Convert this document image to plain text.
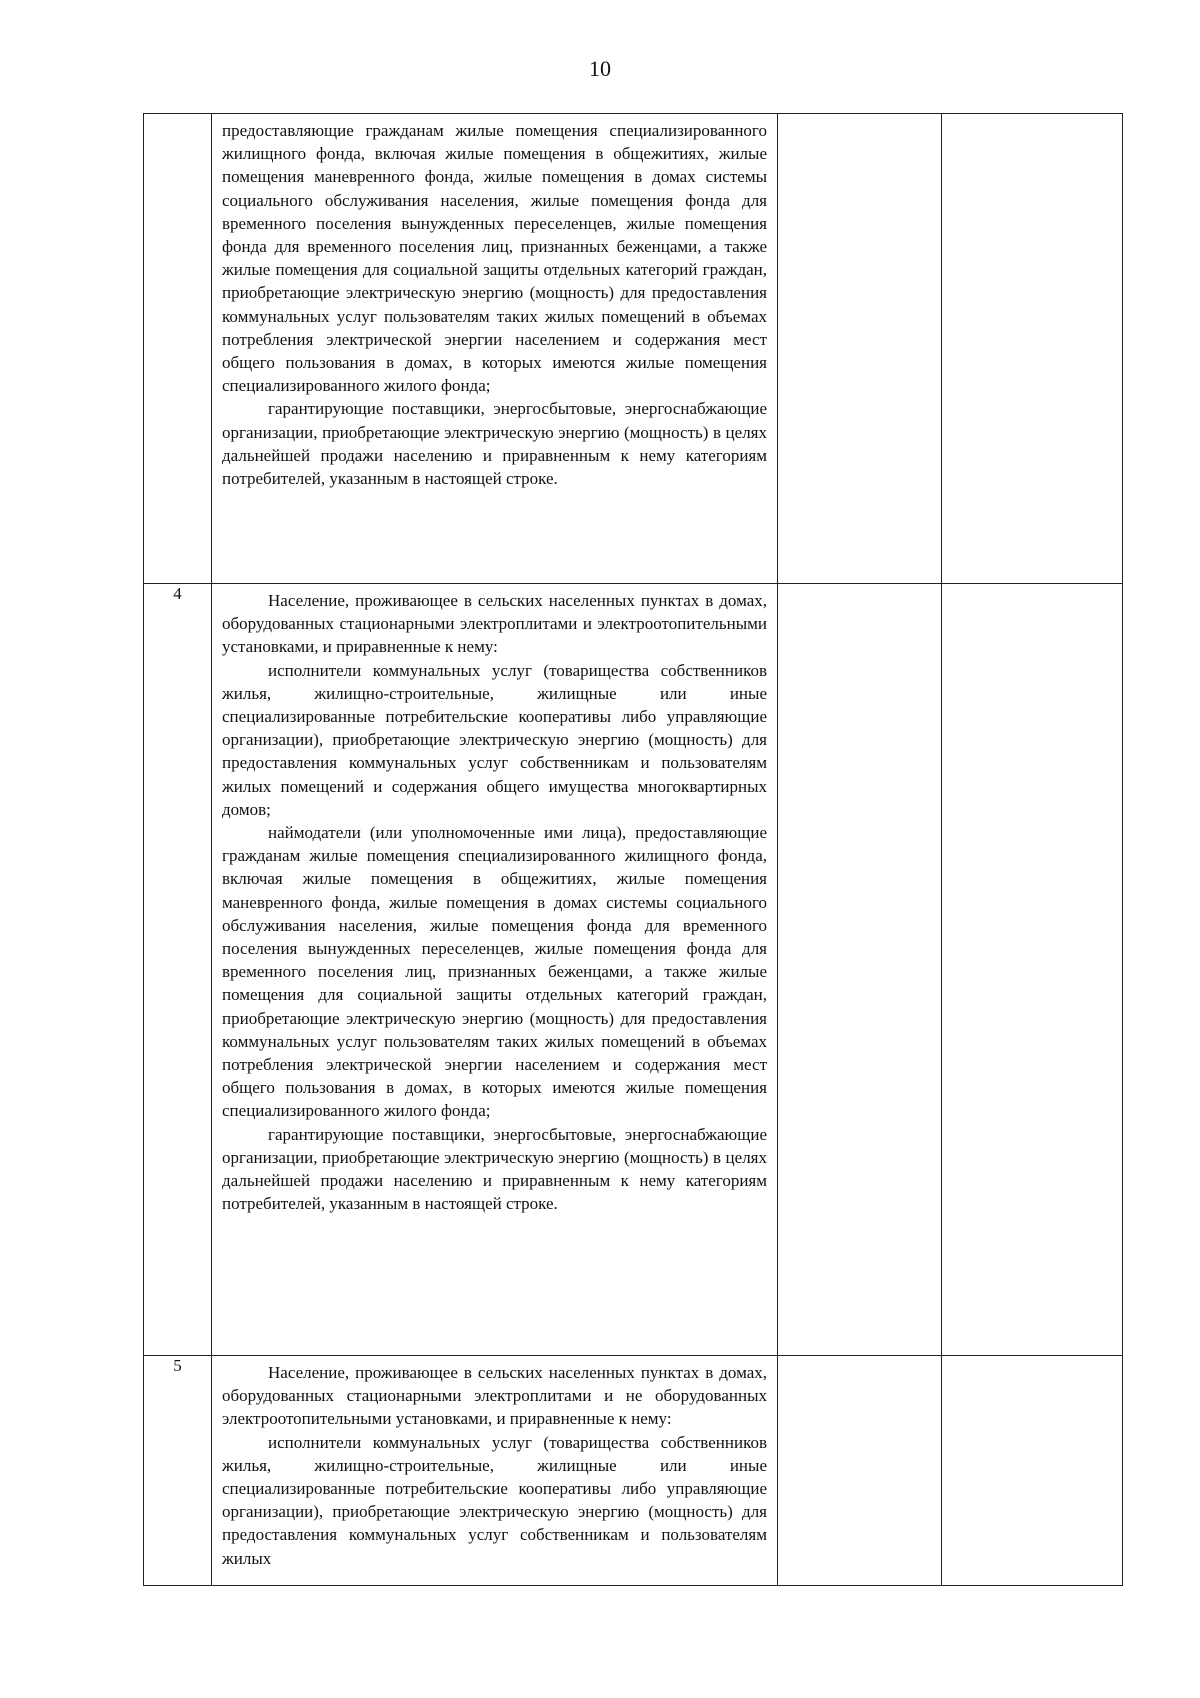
10

	предоставляющие гражданам жилые помещения специализированного жилищного фонда, включая жилые помещения в общежитиях, жилые помещения маневренного фонда, жилые помещения в домах системы социального обслуживания населения, жилые помещения фонда для временного поселения вынужденных переселенцев, жилые помещения фонда для временного поселения лиц, признанных беженцами, а также жилые помещения для социальной защиты отдельных категорий граждан, приобретающие электрическую энергию (мощность) для предоставления коммунальных услуг пользователям таких жилых помещений в объемах потребления электрической энергии населением и содержания мест общего пользования в домах, в которых имеются жилые помещения специализированного жилого фонда;

гарантирующие поставщики, энергосбытовые, энергоснабжающие организации, приобретающие электрическую энергию (мощность) в целях дальнейшей продажи населению и приравненным к нему категориям потребителей, указанным в настоящей строке.		

4	Население, проживающее в сельских населенных пунктах в домах, оборудованных стационарными электроплитами и электроотопительными установками, и приравненные к нему:

исполнители коммунальных услуг (товарищества собственников жилья, жилищно-строительные, жилищные или иные специализированные потребительские кооперативы либо управляющие организации), приобретающие электрическую энергию (мощность) для предоставления коммунальных услуг собственникам и пользователям жилых помещений и содержания общего имущества многоквартирных домов;

наймодатели (или уполномоченные ими лица), предоставляющие гражданам жилые помещения специализированного жилищного фонда, включая жилые помещения в общежитиях, жилые помещения маневренного фонда, жилые помещения в домах системы социального обслуживания населения, жилые помещения фонда для временного поселения вынужденных переселенцев, жилые помещения фонда для временного поселения лиц, признанных беженцами, а также жилые помещения для социальной защиты отдельных категорий граждан, приобретающие электрическую энергию (мощность) для предоставления коммунальных услуг пользователям таких жилых помещений в объемах потребления электрической энергии населением и содержания мест общего пользования в домах, в которых имеются жилые помещения специализированного жилого фонда;

гарантирующие поставщики, энергосбытовые, энергоснабжающие организации, приобретающие электрическую энергию (мощность) в целях дальнейшей продажи населению и приравненным к нему категориям потребителей, указанным в настоящей строке.		

5	Население, проживающее в сельских населенных пунктах в домах, оборудованных стационарными электроплитами и не оборудованных электроотопительными установками, и приравненные к нему:

исполнители коммунальных услуг (товарищества собственников жилья, жилищно-строительные, жилищные или иные специализированные потребительские кооперативы либо управляющие организации), приобретающие электрическую энергию (мощность) для предоставления коммунальных услуг собственникам и пользователям жилых		
